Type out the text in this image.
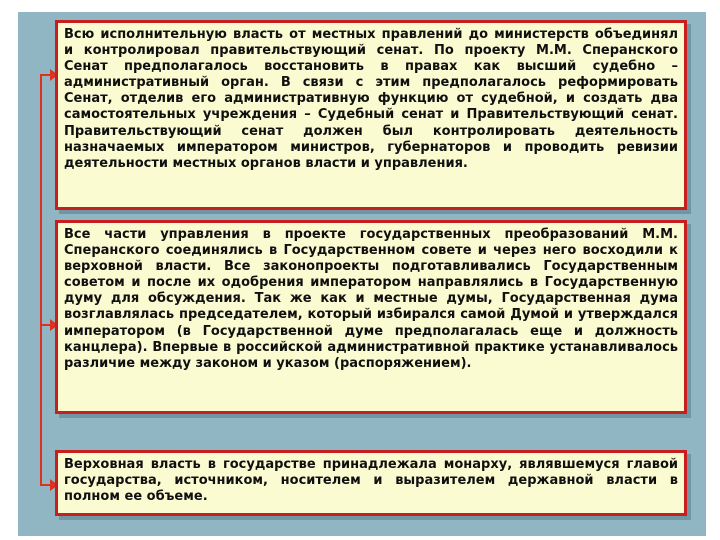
Всю исполнительную власть от местных правлений до министерств объединял и контролировал правительствующий сенат. По проекту М.М. Сперанского Сенат предполагалось восстановить в правах как высший судебно – административный орган. В связи с этим предполагалось реформировать Сенат, отделив его административную функцию от судебной, и создать два самостоятельных учреждения – Судебный сенат и Правительствующий сенат. Правительствующий сенат должен был контролировать деятельность назначаемых императором министров, губернаторов и проводить ревизии деятельности местных органов власти и управления.

Все части управления в проекте государственных преобразований М.М. Сперанского соединялись в Государственном совете и через него восходили к верховной власти. Все законопроекты подготавливались Государственным советом и после их одобрения императором направлялись в Государственную думу для обсуждения. Так же как и местные думы, Государственная дума возглавлялась председателем, который избирался самой Думой и утверждался императором (в Государственной думе предполагалась еще и должность канцлера). Впервые в российской административной практике устанавливалось различие между законом и указом (распоряжением).

Верховная власть в государстве принадлежала монарху, являвшемуся главой государства, источником, носителем и выразителем державной власти в полном ее объеме.
